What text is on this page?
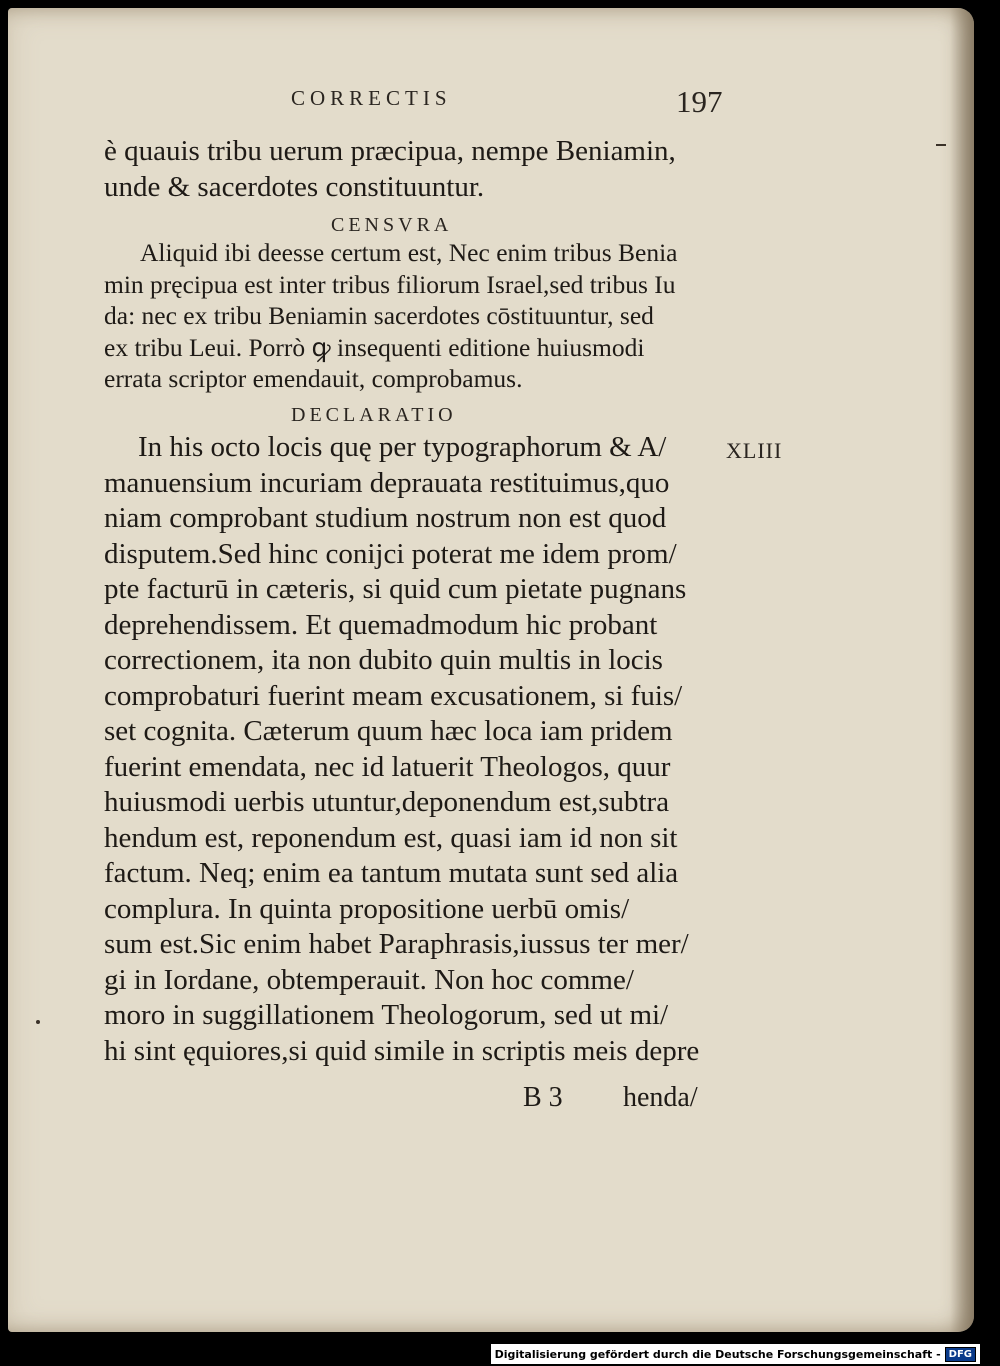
CORRECTIS	197
è quauis tribu uerum præcipua, nempe Beniamin,
unde & sacerdotes constituuntur.
CENSVRA
Aliquid ibi deesse certum est, Nec enim tribus Benia
min pręcipua est inter tribus filiorum Israel,sed tribus Iu
da: nec ex tribu Beniamin sacerdotes cōstituuntur, sed
ex tribu Leui. Porrò ꝙ insequenti editione huiusmodi
errata scriptor emendauit, comprobamus.
DECLARATIO
XLIII
In his octo locis quę per typographorum & A/
manuensium incuriam deprauata restituimus,quo
niam comprobant studium nostrum non est quod
disputem.Sed hinc conijci poterat me idem prom/
pte facturū in cæteris, si quid cum pietate pugnans
deprehendissem. Et quemadmodum hic probant
correctionem, ita non dubito quin multis in locis
comprobaturi fuerint meam excusationem, si fuis/
set cognita. Cæterum quum hæc loca iam pridem
fuerint emendata, nec id latuerit Theologos, quur
huiusmodi uerbis utuntur,deponendum est,subtra
hendum est, reponendum est, quasi iam id non sit
factum. Neq; enim ea tantum mutata sunt sed alia
complura. In quinta propositione uerbū omis/
sum est.Sic enim habet Paraphrasis,iussus ter mer/
gi in Iordane, obtemperauit. Non hoc comme/
moro in suggillationem Theologorum, sed ut mi/
hi sint ęquiores,si quid simile in scriptis meis depre
B 3 henda/
Digitalisierung gefördert durch die Deutsche Forschungsgemeinschaft - DFG
